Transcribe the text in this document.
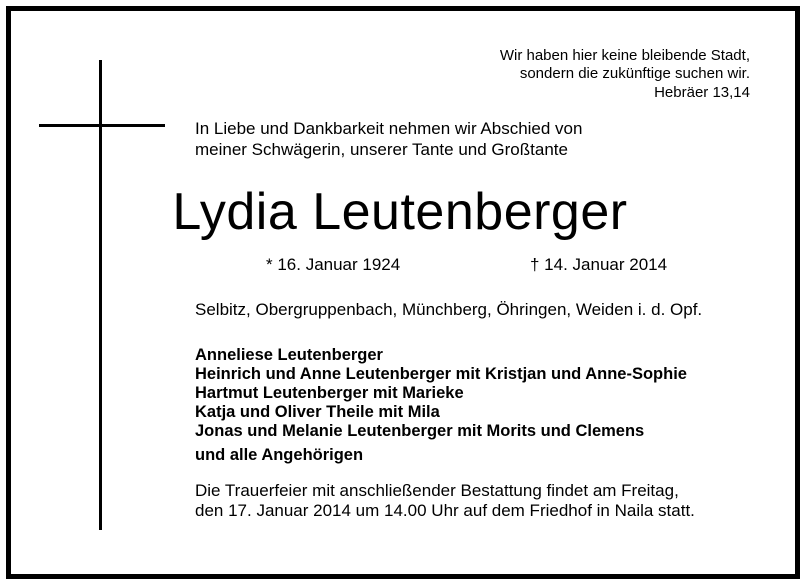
Wir haben hier keine bleibende Stadt,
sondern die zukünftige suchen wir.
Hebräer 13,14
In Liebe und Dankbarkeit nehmen wir Abschied von
meiner Schwägerin, unserer Tante und Großtante
Lydia Leutenberger
* 16. Januar 1924	† 14. Januar 2014
Selbitz, Obergruppenbach, Münchberg, Öhringen, Weiden i. d. Opf.
Anneliese Leutenberger
Heinrich und Anne Leutenberger mit Kristjan und Anne-Sophie
Hartmut Leutenberger mit Marieke
Katja und Oliver Theile mit Mila
Jonas und Melanie Leutenberger mit Morits und Clemens
und alle Angehörigen
Die Trauerfeier mit anschließender Bestattung findet am Freitag,
den 17. Januar 2014 um 14.00 Uhr auf dem Friedhof in Naila statt.
